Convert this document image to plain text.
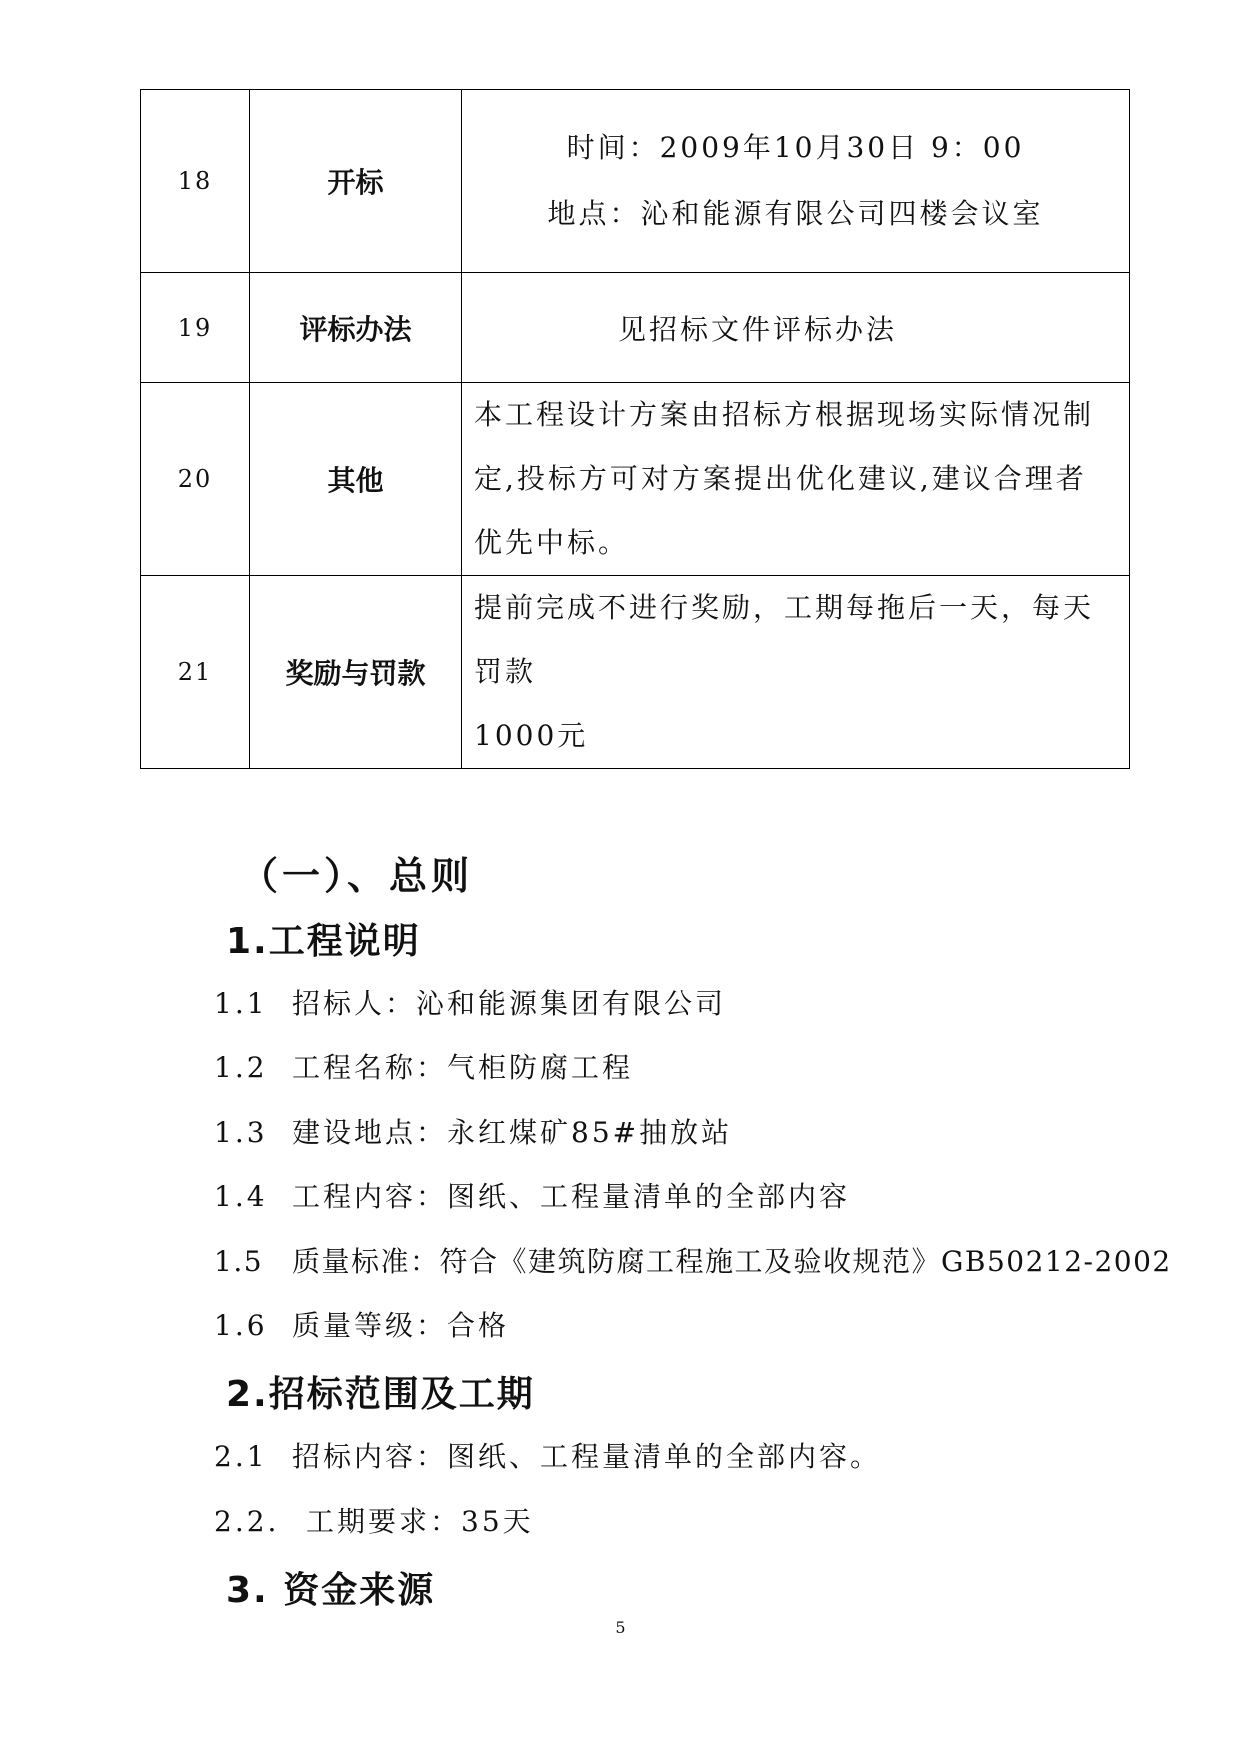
18	开标	时间：2009年10月30日 9：00
地点：沁和能源有限公司四楼会议室

19	评标办法	见招标文件评标办法

20	其他	本工程设计方案由招标方根据现场实际情况制
定,投标方可对方案提出优化建议,建议合理者
优先中标。

21	奖励与罚款	提前完成不进行奖励，工期每拖后一天，每天罚款
1000元
（一）、总则
1.工程说明
1.1 招标人：沁和能源集团有限公司
1.2 工程名称：气柜防腐工程
1.3 建设地点：永红煤矿85#抽放站
1.4 工程内容：图纸、工程量清单的全部内容
1.5 质量标准：符合《建筑防腐工程施工及验收规范》GB50212-2002
1.6 质量等级：合格
2.招标范围及工期
2.1 招标内容：图纸、工程量清单的全部内容。
2.2. 工期要求：35天
3. 资金来源
5
